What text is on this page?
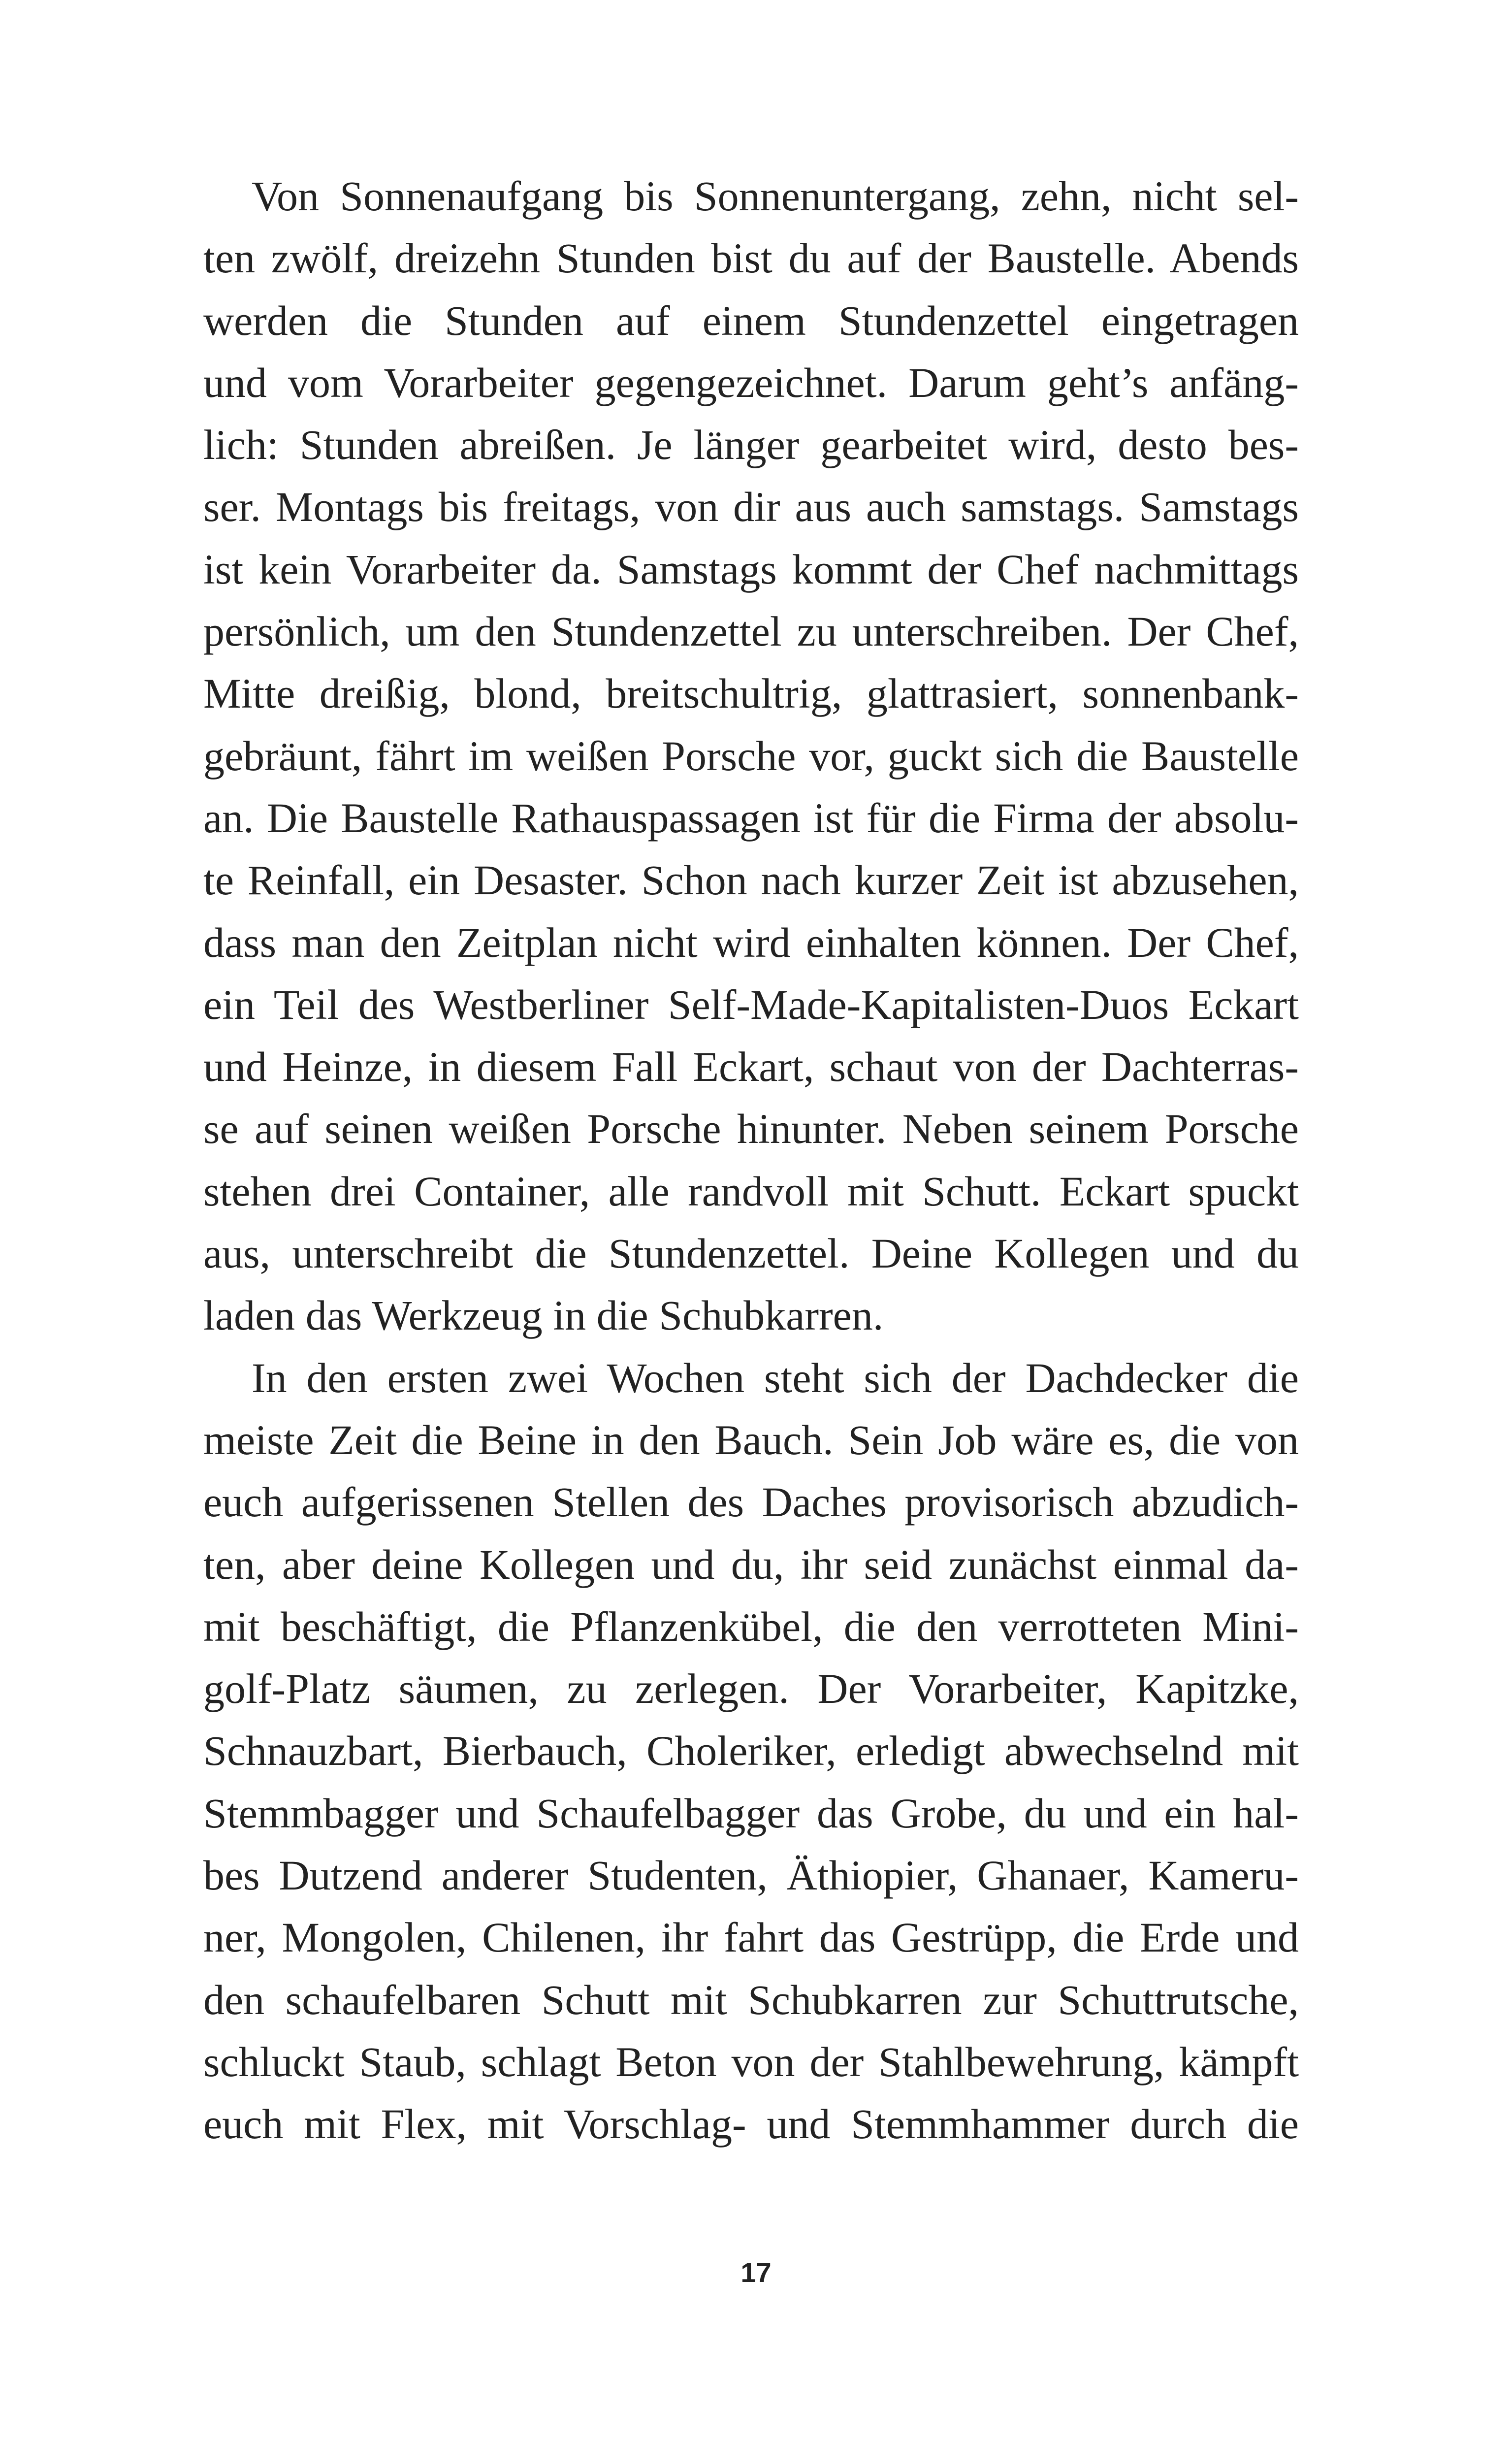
Von Sonnenaufgang bis Sonnenuntergang, zehn, nicht sel-
ten zwölf, dreizehn Stunden bist du auf der Baustelle. Abends
werden die Stunden auf einem Stundenzettel eingetragen
und vom Vorarbeiter gegengezeichnet. Darum geht’s anfäng-
lich: Stunden abreißen. Je länger gearbeitet wird, desto bes-
ser. Montags bis freitags, von dir aus auch samstags. Samstags
ist kein Vorarbeiter da. Samstags kommt der Chef nachmittags
persönlich, um den Stundenzettel zu unterschreiben. Der Chef,
Mitte dreißig, blond, breitschultrig, glattrasiert, sonnenbank-
gebräunt, fährt im weißen Porsche vor, guckt sich die Baustelle
an. Die Baustelle Rathauspassagen ist für die Firma der absolu-
te Reinfall, ein Desaster. Schon nach kurzer Zeit ist abzusehen,
dass man den Zeitplan nicht wird einhalten können. Der Chef,
ein Teil des Westberliner Self-Made-Kapitalisten-Duos Eckart
und Heinze, in diesem Fall Eckart, schaut von der Dachterras-
se auf seinen weißen Porsche hinunter. Neben seinem Porsche
stehen drei Container, alle randvoll mit Schutt. Eckart spuckt
aus, unterschreibt die Stundenzettel. Deine Kollegen und du
laden das Werkzeug in die Schubkarren.
In den ersten zwei Wochen steht sich der Dachdecker die
meiste Zeit die Beine in den Bauch. Sein Job wäre es, die von
euch aufgerissenen Stellen des Daches provisorisch abzudich-
ten, aber deine Kollegen und du, ihr seid zunächst einmal da-
mit beschäftigt, die Pflanzenkübel, die den verrotteten Mini-
golf-Platz säumen, zu zerlegen. Der Vorarbeiter, Kapitzke,
Schnauzbart, Bierbauch, Choleriker, erledigt abwechselnd mit
Stemmbagger und Schaufelbagger das Grobe, du und ein hal-
bes Dutzend anderer Studenten, Äthiopier, Ghanaer, Kameru-
ner, Mongolen, Chilenen, ihr fahrt das Gestrüpp, die Erde und
den schaufelbaren Schutt mit Schubkarren zur Schuttrutsche,
schluckt Staub, schlagt Beton von der Stahlbewehrung, kämpft
euch mit Flex, mit Vorschlag- und Stemmhammer durch die
17
